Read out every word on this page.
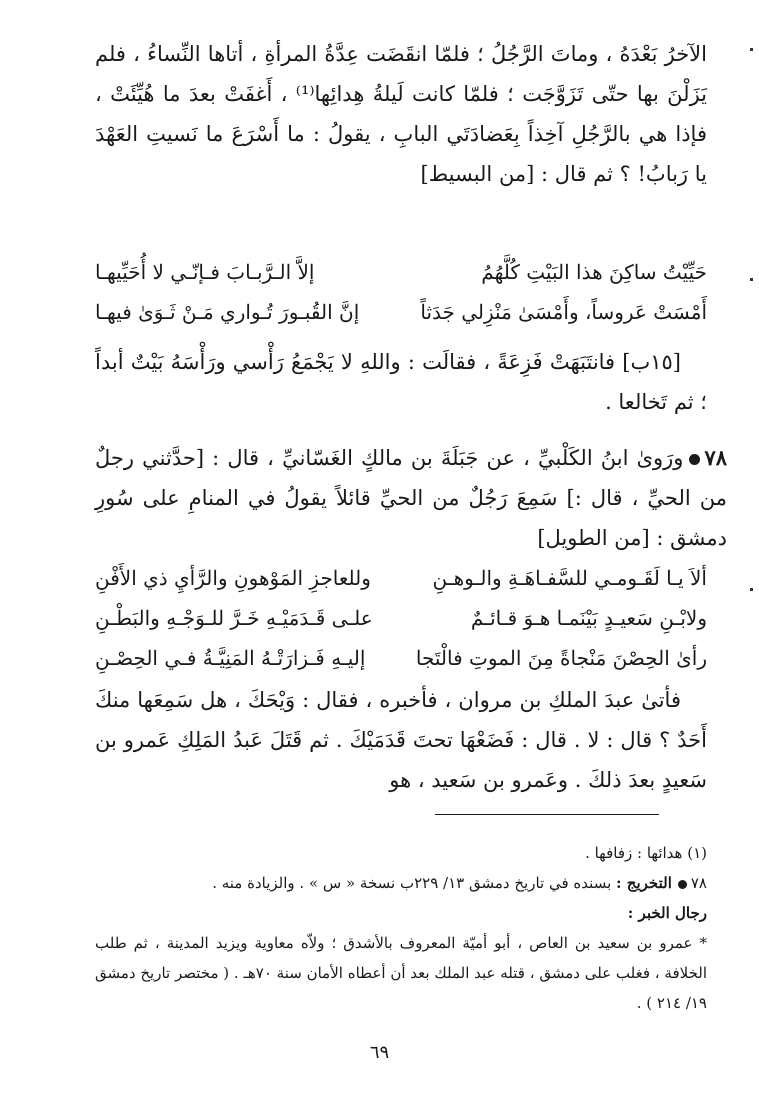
الآخرُ بَعْدَهُ ، وماتَ الرَّجُلُ ؛ فلمّا انقَضَت عِدَّةُ المرأةِ ، أتاها النِّساءُ ، فلم يَزَلْنَ بها حتّى تَزَوَّجَت ؛ فلمّا كانت لَيلةُ هِدائِها⁽¹⁾ ، أَغفَتْ بعدَ ما هُيِّئَتْ ، فإذا هي بالرَّجُلِ آخِذاً بِعَضادَتَي البابِ ، يقولُ : ما أَسْرَعَ ما نَسيتِ العَهْدَ يا رَبابُ! ؟ ثم قال : [من البسيط]

حَيِّيْتُ ساكِنَ هذا البَيْتِ كُلَّهُمُ
إلاَّ الـرَّبـابَ فـإنّـي لا أُحَيِّيهـا
أَمْسَتْ عَروساً، وأَمْسَىٰ مَنْزِلي جَدَثاً
إنَّ القُبـورَ تُـواري مَـنْ ثَـوَىٰ فيهـا

[١٥ب] فانتَبَهَتْ فَزِعَةً ، فقالَت : واللهِ لا يَجْمَعُ رَأْسي ورَأْسَهُ بَيْتٌ أبداً ؛ ثم تَخالعا .

٧٨ورَوىٰ ابنُ الكَلْبيِّ ، عن جَبَلَةَ بن مالكٍ الغَسّانيِّ ، قال : [حدَّثني رجلٌ من الحيِّ ، قال :] سَمِعَ رَجُلٌ من الحيِّ قائلاً يقولُ في المنامِ على سُورِ دمشق : [من الطويل]

ألاَ يـا لَقَـومـي للسَّفـاهَـةِ والـوهـنِ
وللعاجزِ المَوْهونِ والرَّأيِ ذي الأَفْنِ
ولابْـنِ سَعيـدٍ بَيْنَمـا هـوَ قـائـمٌ
علـى قَـدَمَيْـهِ خَـرَّ للـوَجْـهِ والبَطْـنِ
رأىٰ الحِصْنَ مَنْجاةً مِنَ الموتِ فالْتَجا
إليـهِ فَـزارَتْـهُ المَنِيَّـةُ فـي الحِصْـنِ

فأتىٰ عبدَ الملكِ بن مروان ، فأخبره ، فقال : وَيْحَكَ ، هل سَمِعَها منكَ أَحَدٌ ؟ قال : لا . قال : فَضَعْهَا تحتَ قَدَمَيْكَ . ثم قَتَلَ عَبدُ المَلِكِ عَمرو بن سَعيدٍ بعدَ ذلكَ . وعَمرو بن سَعيد ، هو

(١) هدائها : زفافها .

٧٨التخريج : بسنده في تاريخ دمشق ١٣/ ٢٢٩ب نسخة « س » . والزيادة منه .

رجال الخبر :

* عمرو بن سعيد بن العاص ، أبو أميّة المعروف بالأشدق ؛ ولاّه معاوية ويزيد المدينة ، ثم طلب الخلافة ، فغلب على دمشق ، قتله عبد الملك بعد أن أعطاه الأمان سنة ٧٠هـ . ( مختصر تاريخ دمشق ١٩/ ٢١٤ ) .

٦٩
